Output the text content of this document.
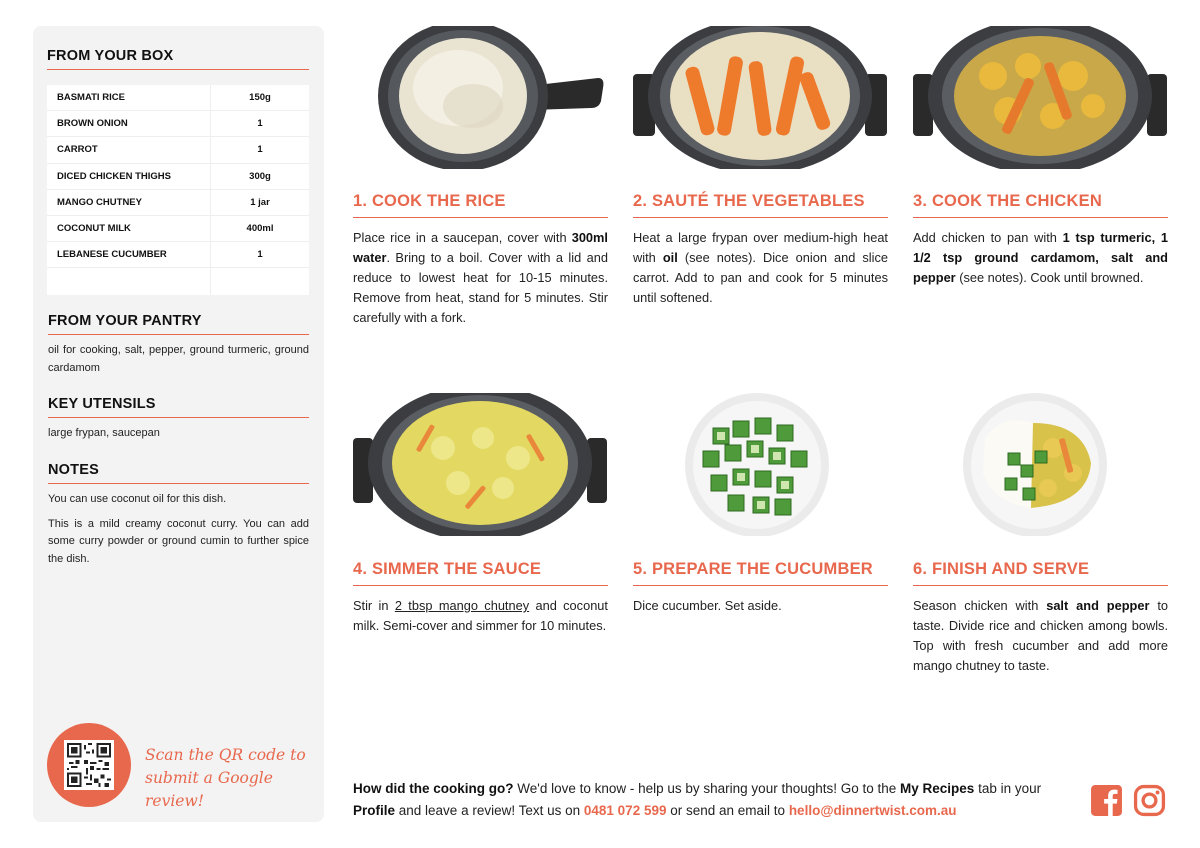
FROM YOUR BOX
BASMATI RICE	150g
BROWN ONION	1
CARROT	1
DICED CHICKEN THIGHS	300g
MANGO CHUTNEY	1 jar
COCONUT MILK	400ml
LEBANESE CUCUMBER	1
FROM YOUR PANTRY
oil for cooking, salt, pepper, ground turmeric, ground cardamom
KEY UTENSILS
large frypan, saucepan
NOTES
You can use coconut oil for this dish.
This is a mild creamy coconut curry. You can add some curry powder or ground cumin to further spice the dish.
Scan the QR code to submit a Google review!
1. COOK THE RICE
Place rice in a saucepan, cover with 300ml water. Bring to a boil. Cover with a lid and reduce to lowest heat for 10-15 minutes. Remove from heat, stand for 5 minutes. Stir carefully with a fork.
2. SAUTÉ THE VEGETABLES
Heat a large frypan over medium-high heat with oil (see notes). Dice onion and slice carrot. Add to pan and cook for 5 minutes until softened.
3. COOK THE CHICKEN
Add chicken to pan with 1 tsp turmeric, 1 1/2 tsp ground cardamom, salt and pepper (see notes). Cook until browned.
4. SIMMER THE SAUCE
Stir in 2 tbsp mango chutney and coconut milk. Semi-cover and simmer for 10 minutes.
5. PREPARE THE CUCUMBER
Dice cucumber. Set aside.
6. FINISH AND SERVE
Season chicken with salt and pepper to taste. Divide rice and chicken among bowls. Top with fresh cucumber and add more mango chutney to taste.
How did the cooking go? We'd love to know - help us by sharing your thoughts! Go to the My Recipes tab in your Profile and leave a review! Text us on 0481 072 599 or send an email to hello@dinnertwist.com.au
